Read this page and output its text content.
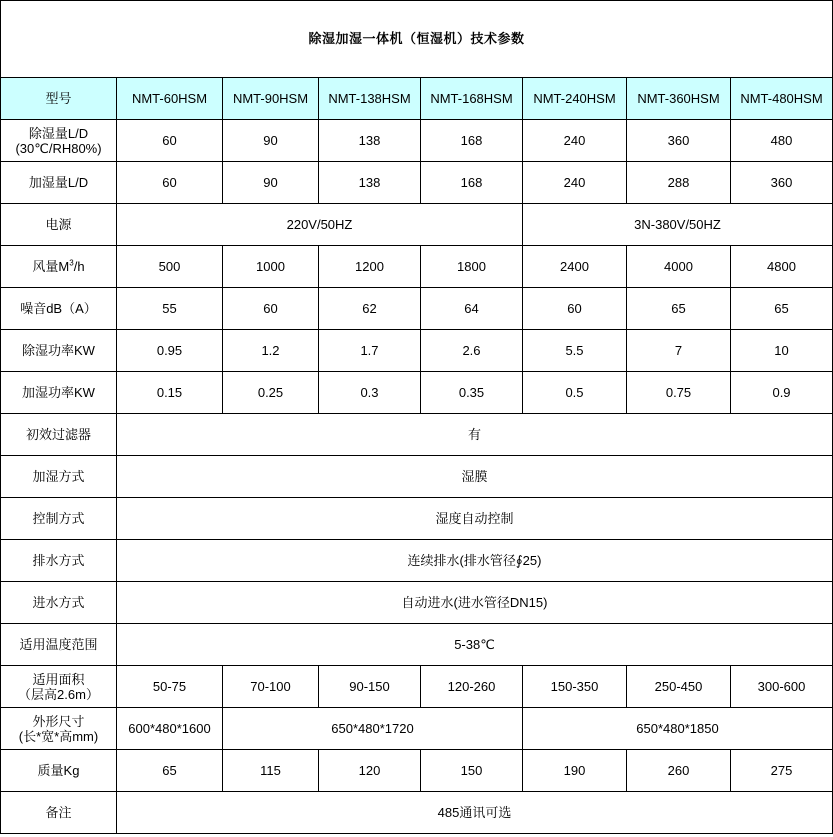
除湿加湿一体机（恒湿机）技术参数							
型号	NMT-60HSM	NMT-90HSM	NMT-138HSM	NMT-168HSM	NMT-240HSM	NMT-360HSM	NMT-480HSM
除湿量L/D
(30℃/RH80%)	60	90	138	168	240	360	480
加湿量L/D	60	90	138	168	240	288	360
电源	220V/50HZ				3N-380V/50HZ		
风量$M^3/h$	500	1000	1200	1800	2400	4000	4800
噪音dB（A）	55	60	62	64	60	65	65
除湿功率KW	0.95	1.2	1.7	2.6	5.5	7	10
加湿功率KW	0.15	0.25	0.3	0.35	0.5	0.75	0.9
初效过滤器	有						
加湿方式	湿膜						
控制方式	湿度自动控制						
排水方式	连续排水(排水管径∮25)						
进水方式	自动进水(进水管径DN15)						
适用温度范围	5-38℃						
适用面积
（层高2.6m）	50-75	70-100	90-150	120-260	150-350	250-450	300-600
外形尺寸
(长*宽*高mm)	600*480*1600	650*480*1720			650*480*1850		
质量Kg	65	115	120	150	190	260	275
备注	485通讯可选						
